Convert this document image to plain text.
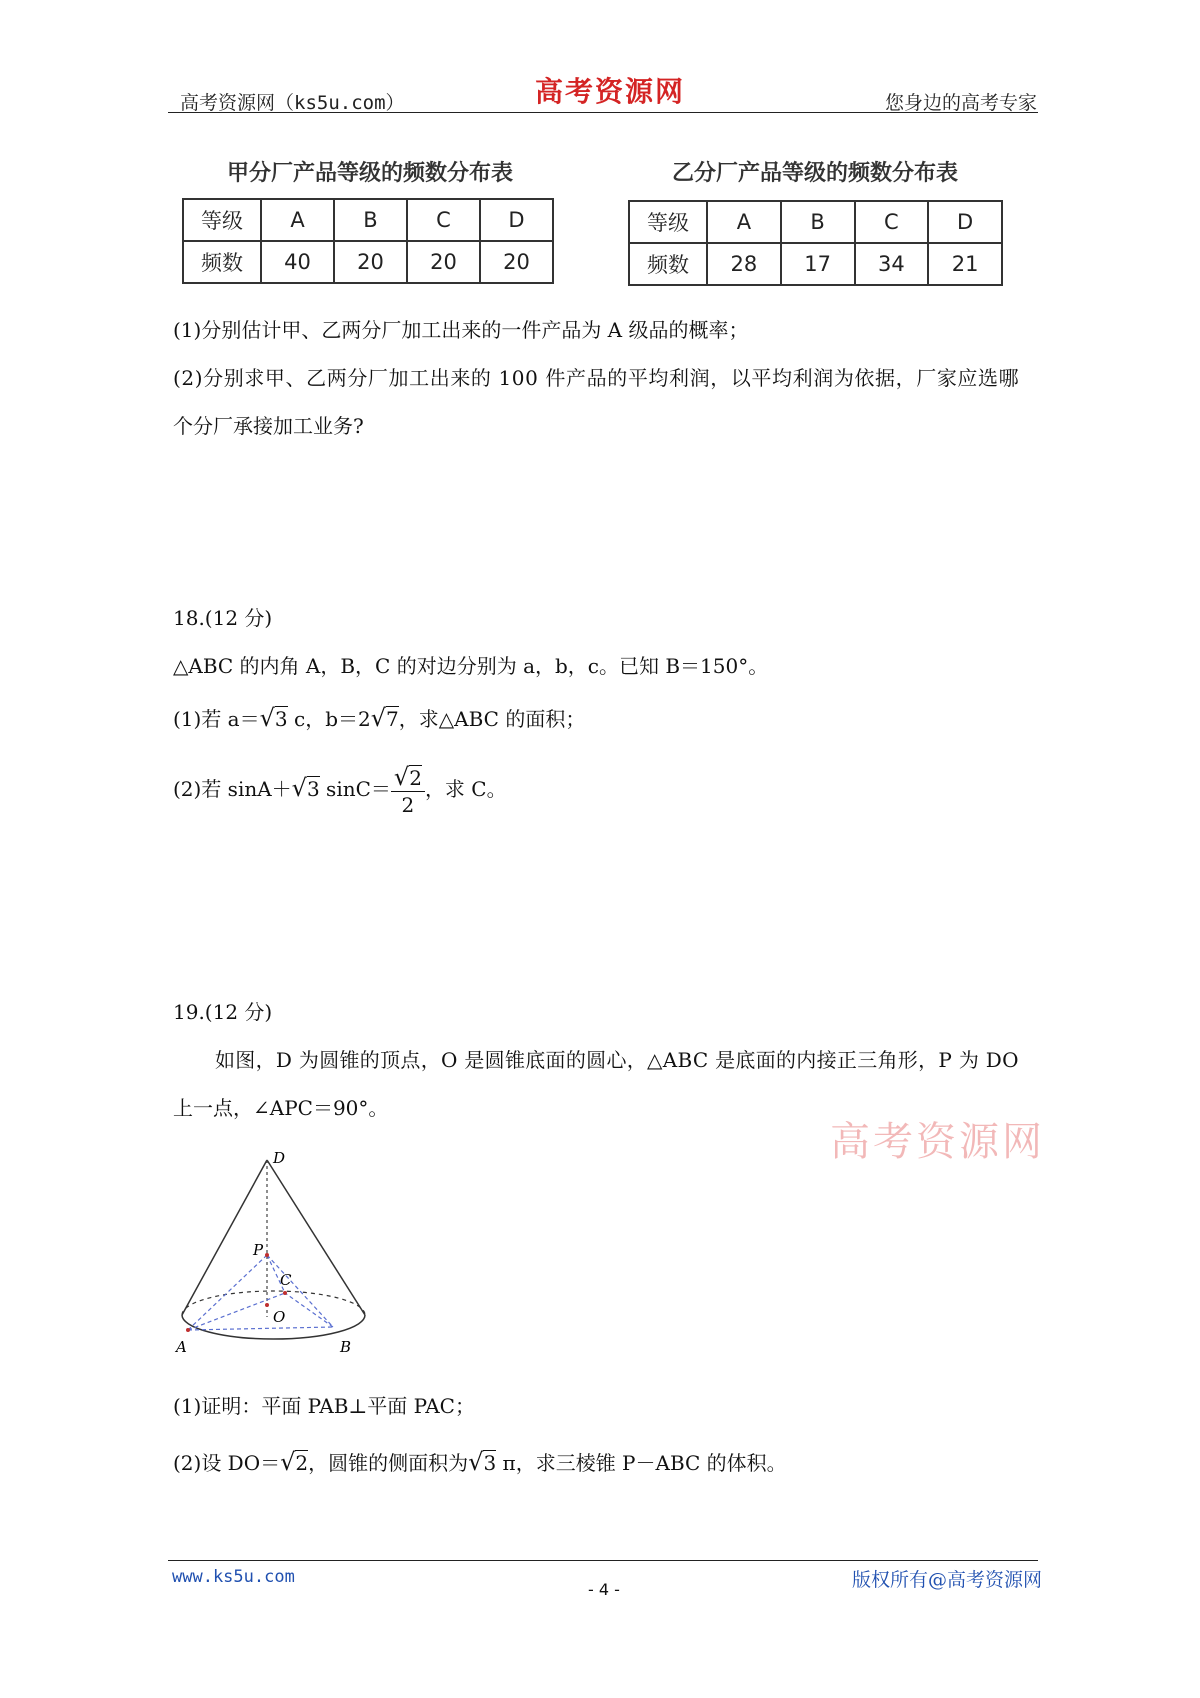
高考资源网（ks5u.com）	高考资源网	您身边的高考专家
甲分厂产品等级的频数分布表
等级	A	B	C	D
频数	40	20	20	20
乙分厂产品等级的频数分布表
等级	A	B	C	D
频数	28	17	34	21
(1)分别估计甲、乙两分厂加工出来的一件产品为 A 级品的概率；
(2)分别求甲、乙两分厂加工出来的 100 件产品的平均利润，以平均利润为依据，厂家应选哪
个分厂承接加工业务?
18.(12 分)
△ABC 的内角 A，B，C 的对边分别为 a，b，c。已知 B＝150°。
(1)若 a＝√3 c，b＝2√7，求△ABC 的面积；
(2)若 sinA＋√3 $\sin C= \frac{√2}{2}$ ，求 C。
19.(12 分)
如图，D 为圆锥的顶点，O 是圆锥底面的圆心，△ABC 是底面的内接正三角形，P 为 DO
上一点，∠APC＝90°。
高考资源网
D
P
C
O
A	B
(1)证明：平面 PAB⊥平面 PAC；
(2)设 DO＝√2，圆锥的侧面积为√3 π，求三棱锥 P－ABC 的体积。
www.ks5u.com
- 4 -	版权所有@高考资源网
